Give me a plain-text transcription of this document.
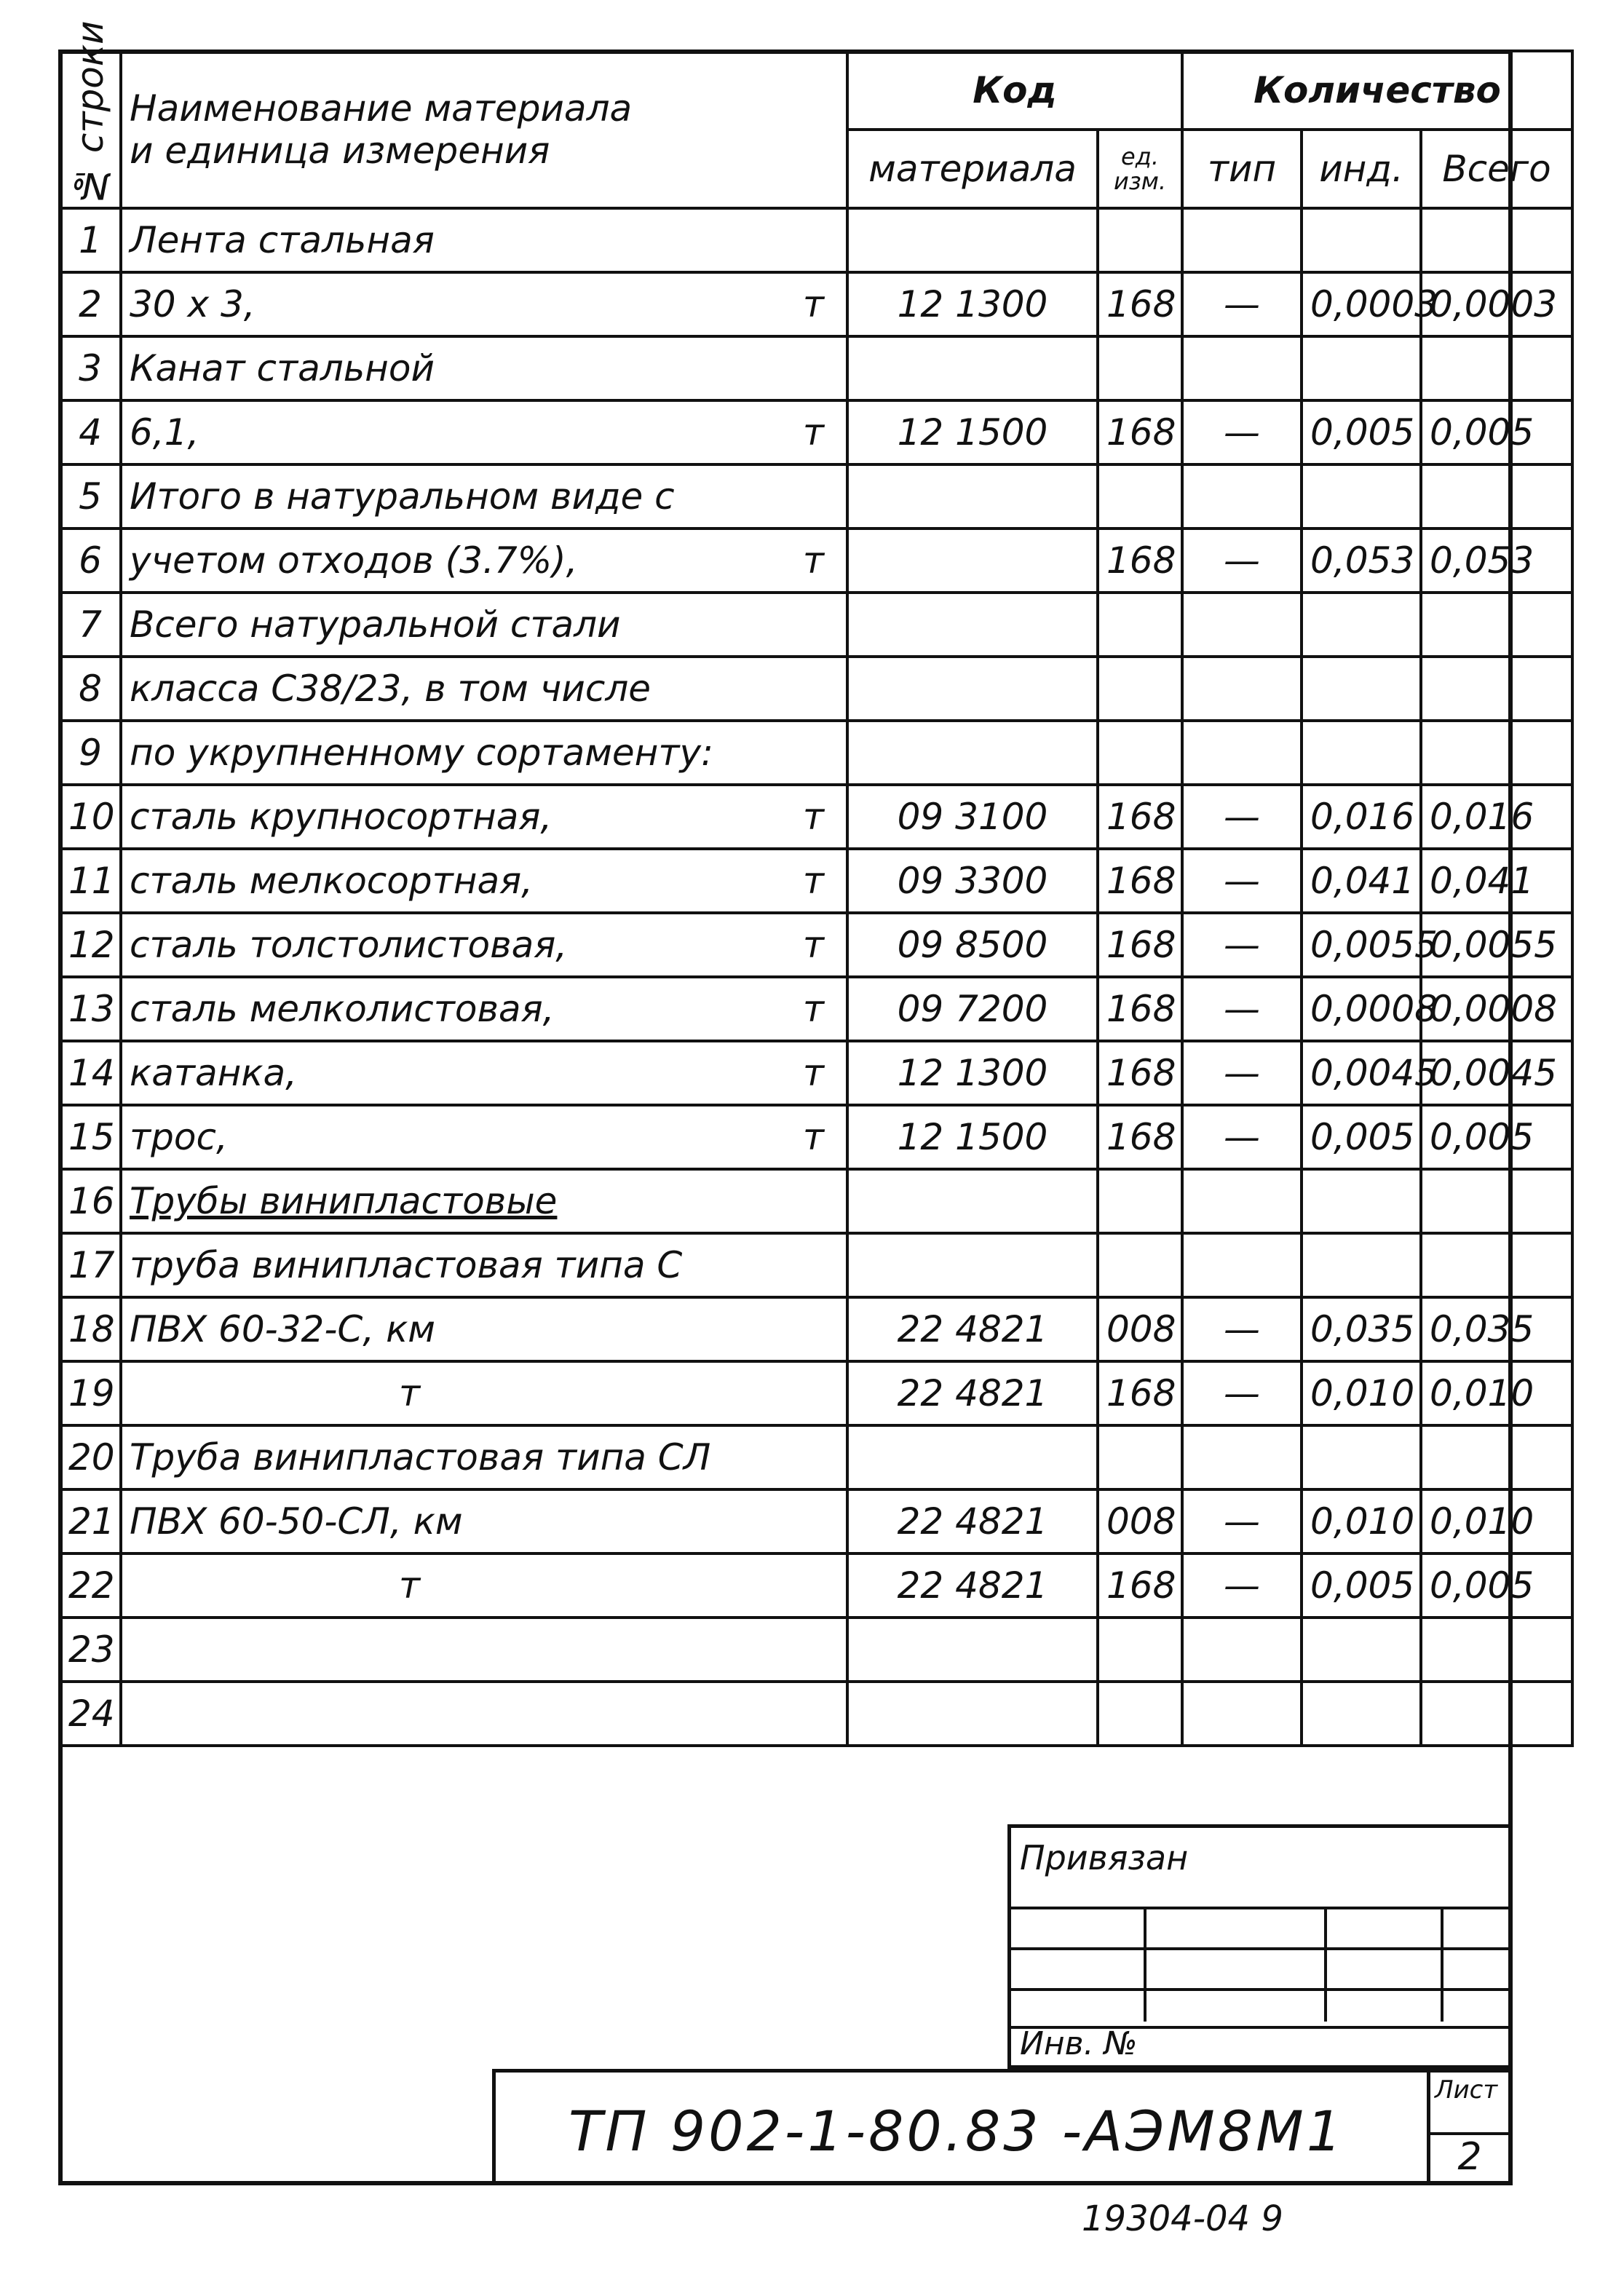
№ строки	Наименование материала
и единица измерения	Код		Количество		
		материала	ед. изм.	тип	инд.	Всего
1	Лента стальная					

2	30 х 3, т	12 1300	168	—	0,0003	0,0003
3	Канат стальной					

4	6,1, т	12 1500	168	—	0,005	0,005
5	Итого в натуральном виде с					

6	учетом отходов (3.7%), т		168	—	0,053	0,053
7	Всего натуральной стали					

8	класса С38/23, в том числе					

9	по укрупненному сортаменту:					

10	сталь крупносортная, т	09 3100	168	—	0,016	0,016
11	сталь мелкосортная, т	09 3300	168	—	0,041	0,041
12	сталь толстолистовая, т	09 8500	168	—	0,0055	0,0055
13	сталь мелколистовая, т	09 7200	168	—	0,0008	0,0008
14	катанка, т	12 1300	168	—	0,0045	0,0045
15	трос, т	12 1500	168	—	0,005	0,005
16	Трубы винипластовые					

17	труба винипластовая типа С					

18	ПВХ 60-32-С, км	22 4821	008	—	0,035	0,035
19	т	22 4821	168	—	0,010	0,010
20	Труба винипластовая типа СЛ					

21	ПВХ 60-50-СЛ, км	22 4821	008	—	0,010	0,010
22	т	22 4821	168	—	0,005	0,005
23	

24	

Привязан
Инв. №
ТП 902-1-80.83 -АЭМ8М1
Лист
2
19304-04 9
